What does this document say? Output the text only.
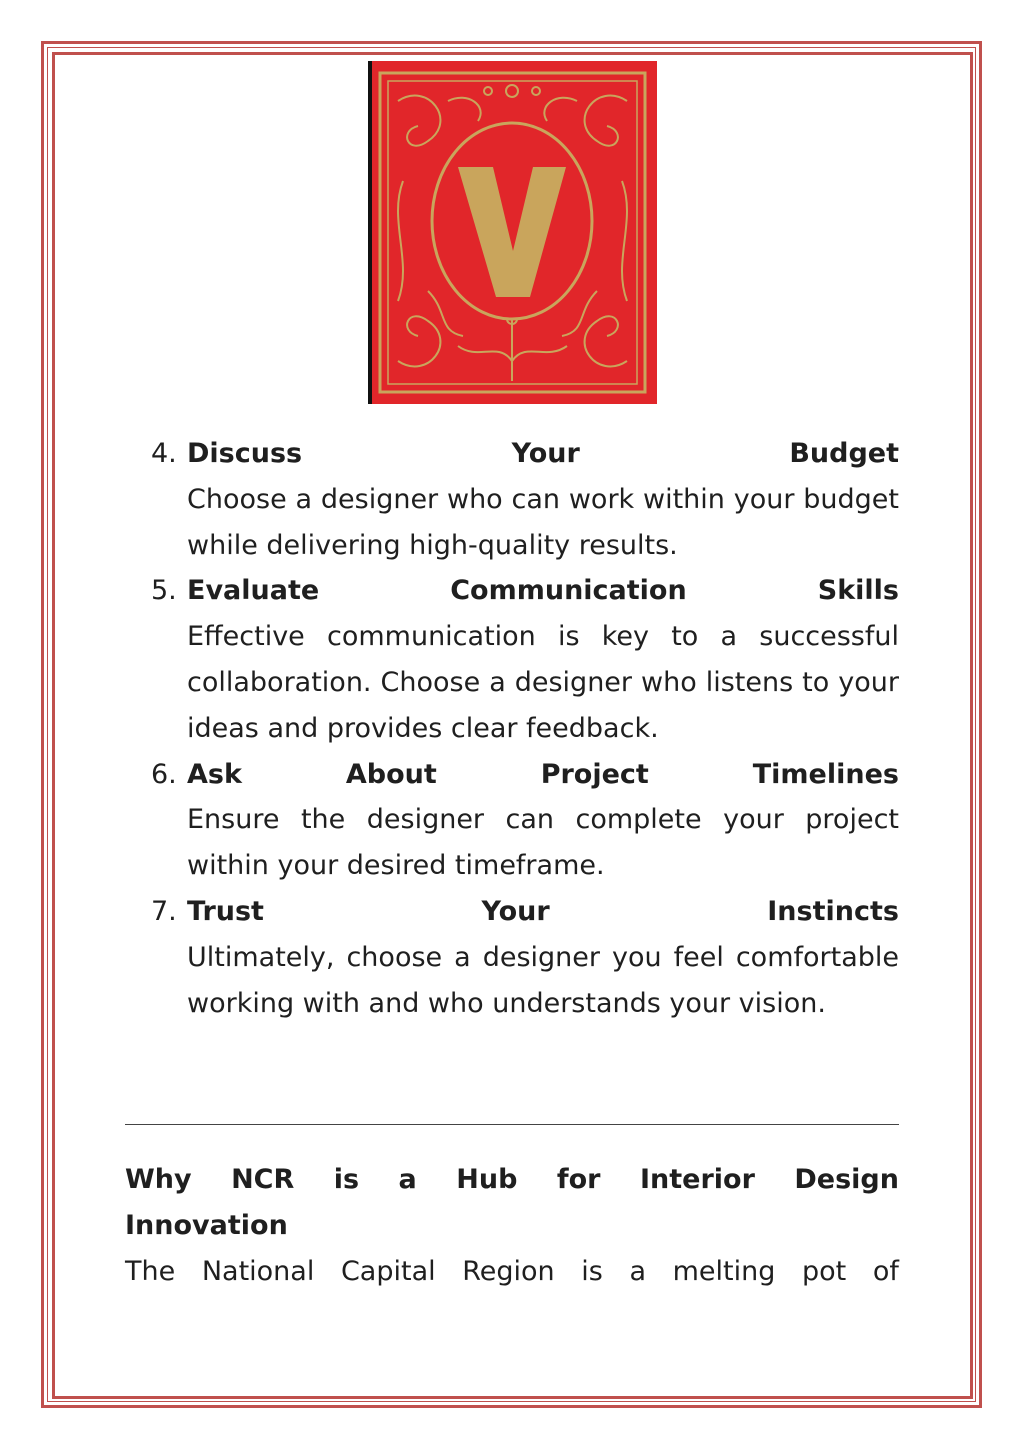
V
4. Discuss	Your	Budget

Choose a designer who can work within your budget while delivering high-quality results.

5. Evaluate	Communication	Skills

Effective communication is key to a successful collaboration. Choose a designer who listens to your ideas and provides clear feedback.

6. Ask	About	Project	Timelines

Ensure the designer can complete your project within your desired timeframe.

7. Trust	Your	Instincts

Ultimately, choose a designer you feel comfortable working with and who understands your vision.

Why NCR is a Hub for Interior Design
Innovation

The National Capital Region is a melting pot of
